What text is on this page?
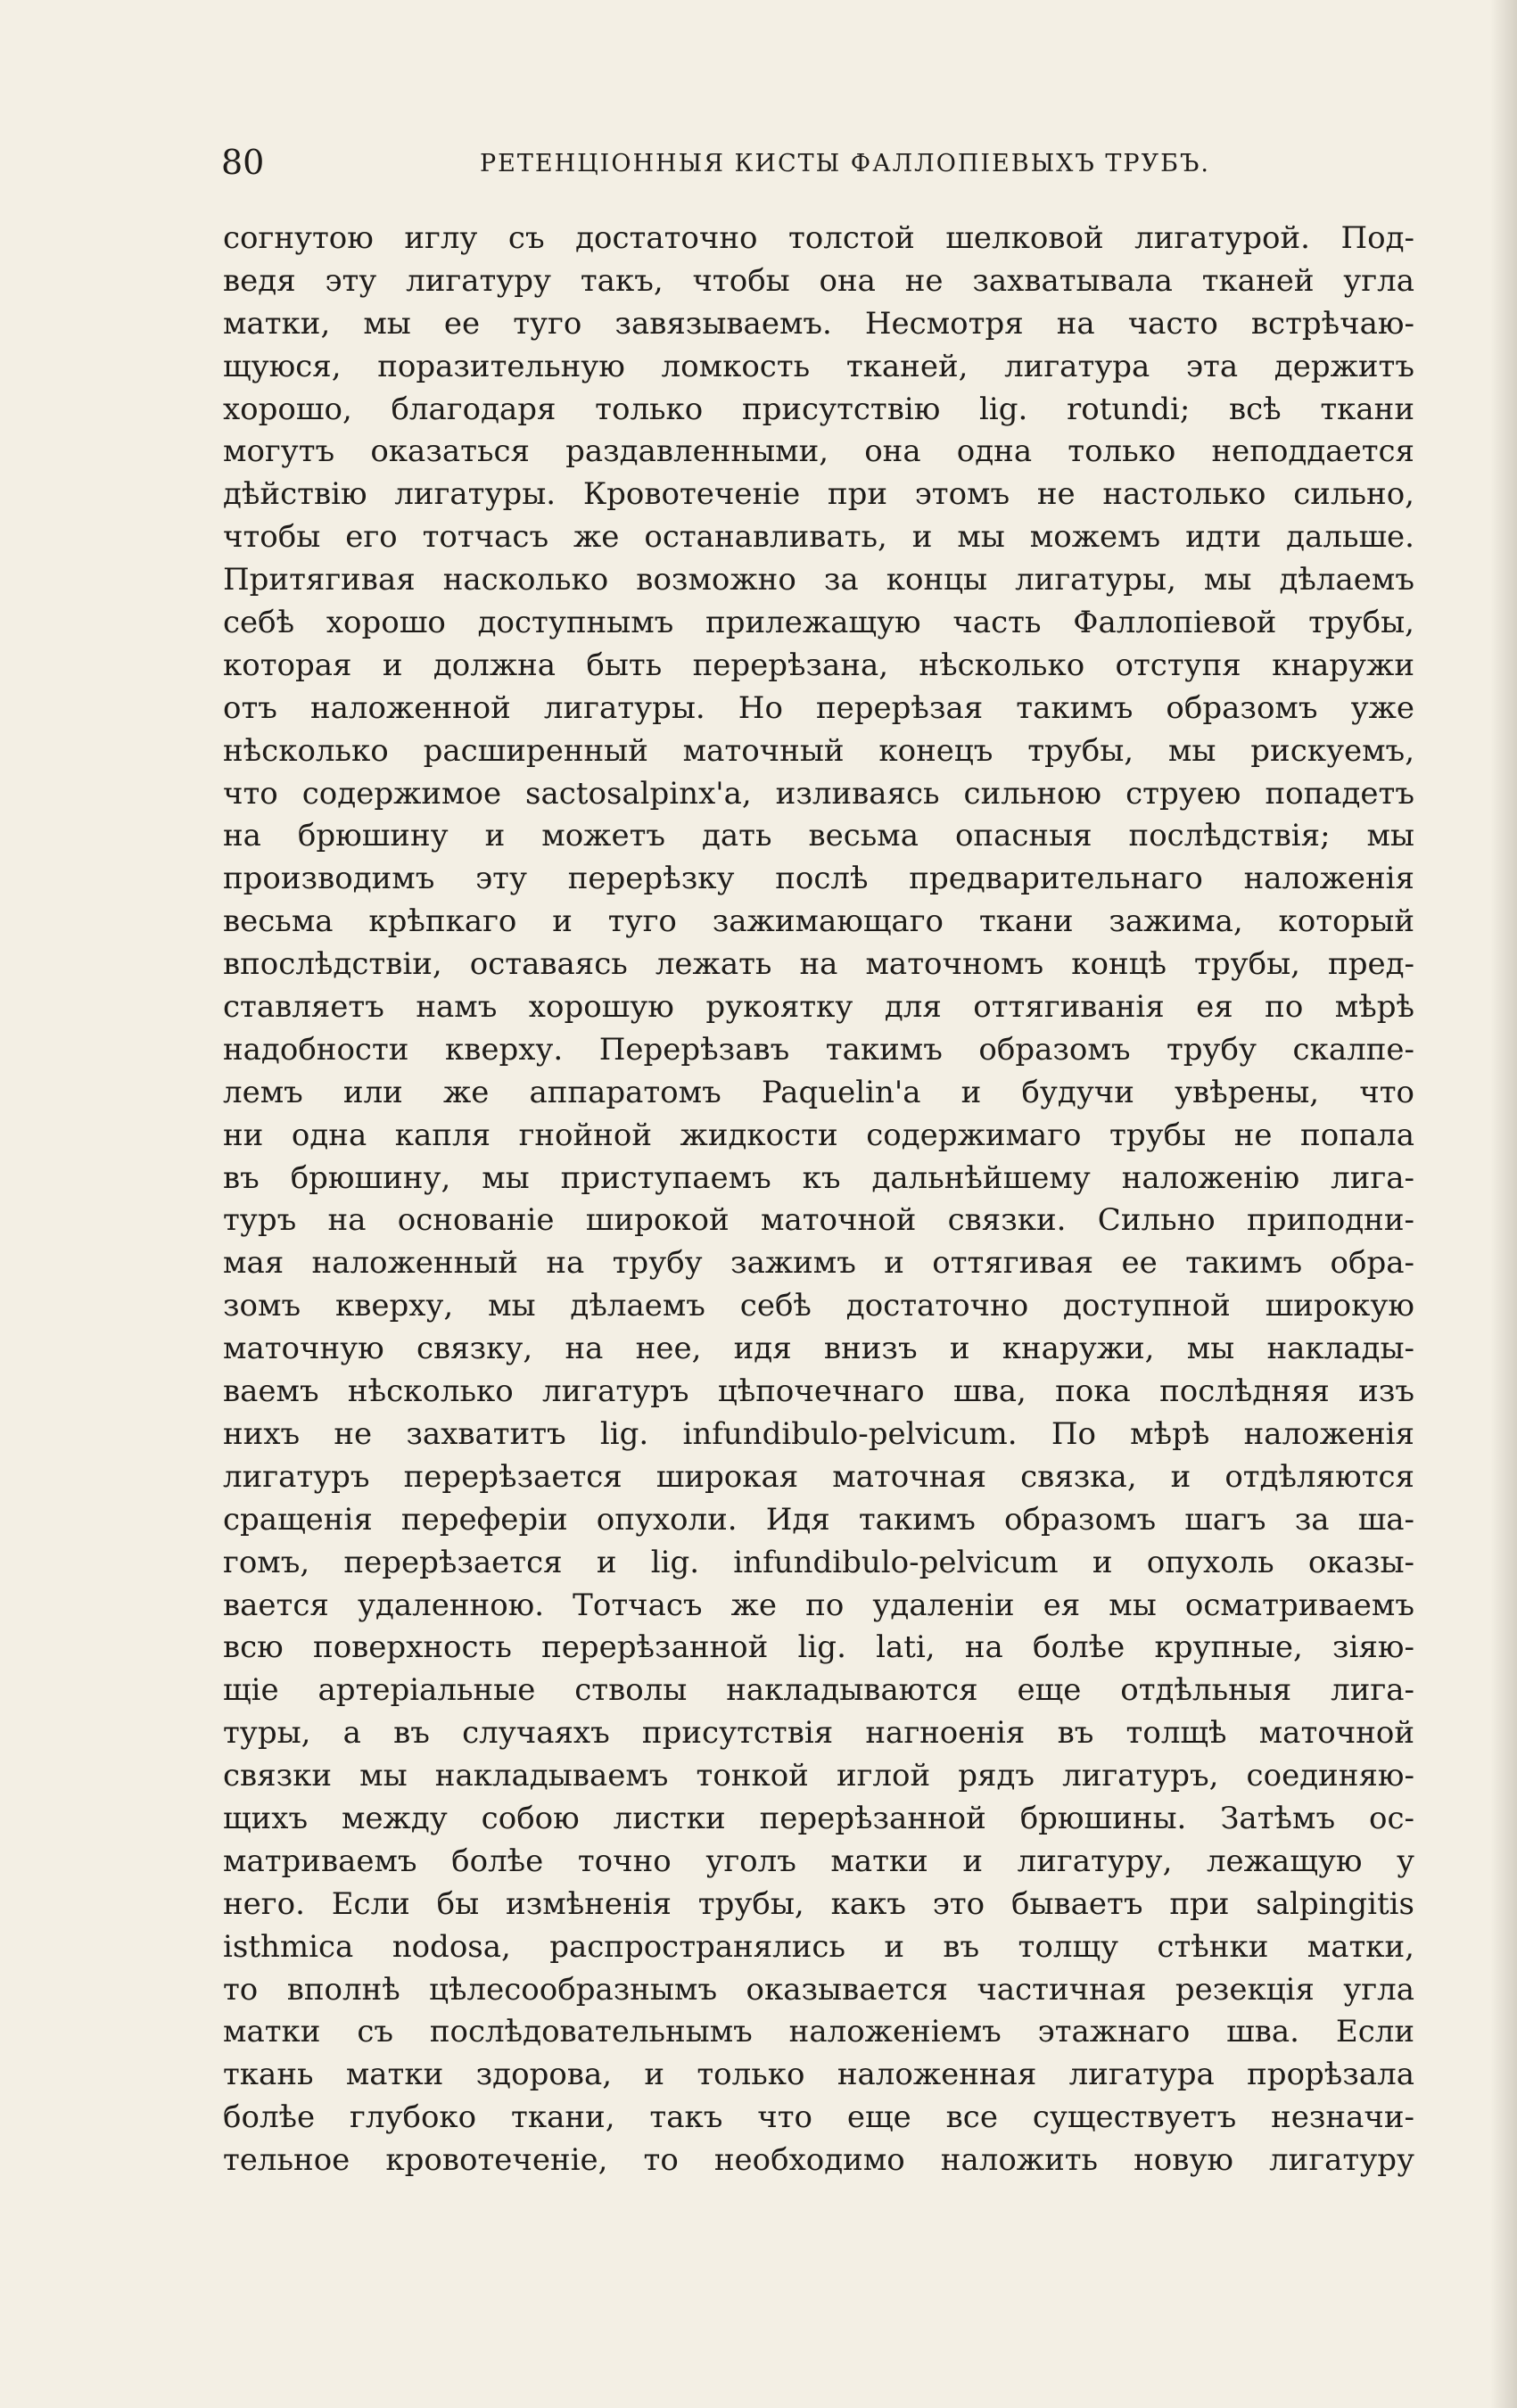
80	РЕТЕНЦІОННЫЯ КИСТЫ ФАЛЛОПІЕВЫХЪ ТРУБЪ.
согнутою иглу съ достаточно толстой шелковой лигатурой. Под-
ведя эту лигатуру такъ, чтобы она не захватывала тканей угла
матки, мы ее туго завязываемъ. Несмотря на часто встрѣчаю-
щуюся, поразительную ломкость тканей, лигатура эта держитъ
хорошо, благодаря только присутствію lig. rotundi; всѣ ткани
могутъ оказаться раздавленными, она одна только неподдается
дѣйствію лигатуры. Кровотеченіе при этомъ не настолько сильно,
чтобы его тотчасъ же останавливать, и мы можемъ идти дальше.
Притягивая насколько возможно за концы лигатуры, мы дѣлаемъ
себѣ хорошо доступнымъ прилежащую часть Фаллопіевой трубы,
которая и должна быть перерѣзана, нѣсколько отступя кнаружи
отъ наложенной лигатуры. Но перерѣзая такимъ образомъ уже
нѣсколько расширенный маточный конецъ трубы, мы рискуемъ,
что содержимое sactosalpinx'а, изливаясь сильною струею попадетъ
на брюшину и можетъ дать весьма опасныя послѣдствія; мы
производимъ эту перерѣзку послѣ предварительнаго наложенія
весьма крѣпкаго и туго зажимающаго ткани зажима, который
впослѣдствіи, оставаясь лежать на маточномъ концѣ трубы, пред-
ставляетъ намъ хорошую рукоятку для оттягиванія ея по мѣрѣ
надобности кверху. Перерѣзавъ такимъ образомъ трубу скалпе-
лемъ или же аппаратомъ Paquelin'а и будучи увѣрены, что
ни одна капля гнойной жидкости содержимаго трубы не попала
въ брюшину, мы приступаемъ къ дальнѣйшему наложенію лига-
туръ на основаніе широкой маточной связки. Сильно приподни-
мая наложенный на трубу зажимъ и оттягивая ее такимъ обра-
зомъ кверху, мы дѣлаемъ себѣ достаточно доступной широкую
маточную связку, на нее, идя внизъ и кнаружи, мы наклады-
ваемъ нѣсколько лигатуръ цѣпочечнаго шва, пока послѣдняя изъ
нихъ не захватитъ lig. infundibulo-pelvicum. По мѣрѣ наложенія
лигатуръ перерѣзается широкая маточная связка, и отдѣляются
сращенія переферіи опухоли. Идя такимъ образомъ шагъ за ша-
гомъ, перерѣзается и lig. infundibulo-pelvicum и опухоль оказы-
вается удаленною. Тотчасъ же по удаленіи ея мы осматриваемъ
всю поверхность перерѣзанной lig. lati, на болѣе крупные, зіяю-
щіе артеріальные стволы накладываются еще отдѣльныя лига-
туры, а въ случаяхъ присутствія нагноенія въ толщѣ маточной
связки мы накладываемъ тонкой иглой рядъ лигатуръ, соединяю-
щихъ между собою листки перерѣзанной брюшины. Затѣмъ ос-
матриваемъ болѣе точно уголъ матки и лигатуру, лежащую у
него. Если бы измѣненія трубы, какъ это бываетъ при salpingitis
isthmica nodosa, распространялись и въ толщу стѣнки матки,
то вполнѣ цѣлесообразнымъ оказывается частичная резекція угла
матки съ послѣдовательнымъ наложеніемъ этажнаго шва. Если
ткань матки здорова, и только наложенная лигатура прорѣзала
болѣе глубоко ткани, такъ что еще все существуетъ незначи-
тельное кровотеченіе, то необходимо наложить новую лигатуру
